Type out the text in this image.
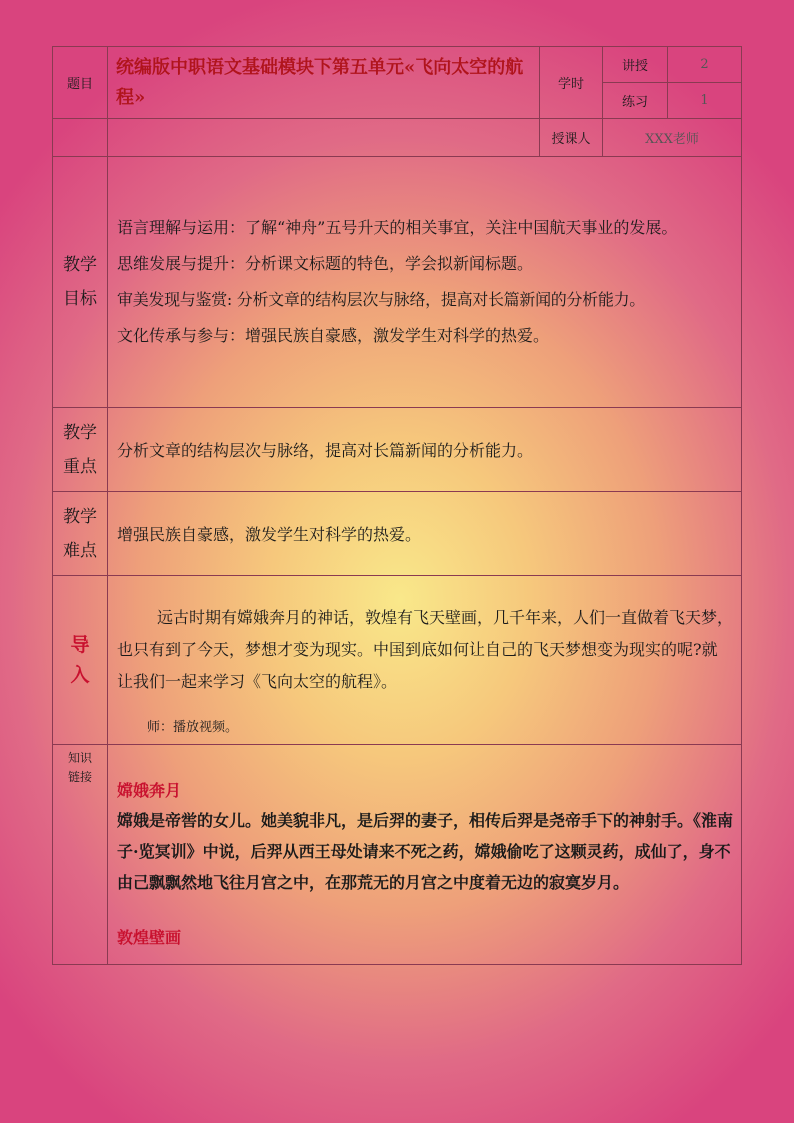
题目	统编版中职语文基础模块下第五单元«飞向太空的航程»	学时	讲授	2
			练习	1
		授课人	XXX老师	
教学目标	语言理解与运用：了解“神舟”五号升天的相关事宜，关注中国航天事业的发展。

思维发展与提升：分析课文标题的特色，学会拟新闻标题。

审美发现与鉴赏: 分析文章的结构层次与脉络，提高对长篇新闻的分析能力。

文化传承与参与：增强民族自豪感，激发学生对科学的热爱。			

教学重点	分析文章的结构层次与脉络，提高对长篇新闻的分析能力。			
教学难点	增强民族自豪感，激发学生对科学的热爱。			
导入	远古时期有嫦娥奔月的神话，敦煌有飞天壁画，几千年来，人们一直做着飞天梦，也只有到了今天，梦想才变为现实。中国到底如何让自己的飞天梦想变为现实的呢?就让我们一起来学习《飞向太空的航程》。

师：播放视频。			

知识链接	嫦娥奔月

嫦娥是帝喾的女儿。她美貌非凡，是后羿的妻子，相传后羿是尧帝手下的神射手。《淮南子·览冥训》中说，后羿从西王母处请来不死之药，嫦娥偷吃了这颗灵药，成仙了，身不由己飘飘然地飞往月宫之中，在那荒无的月宫之中度着无边的寂寞岁月。

敦煌壁画			
